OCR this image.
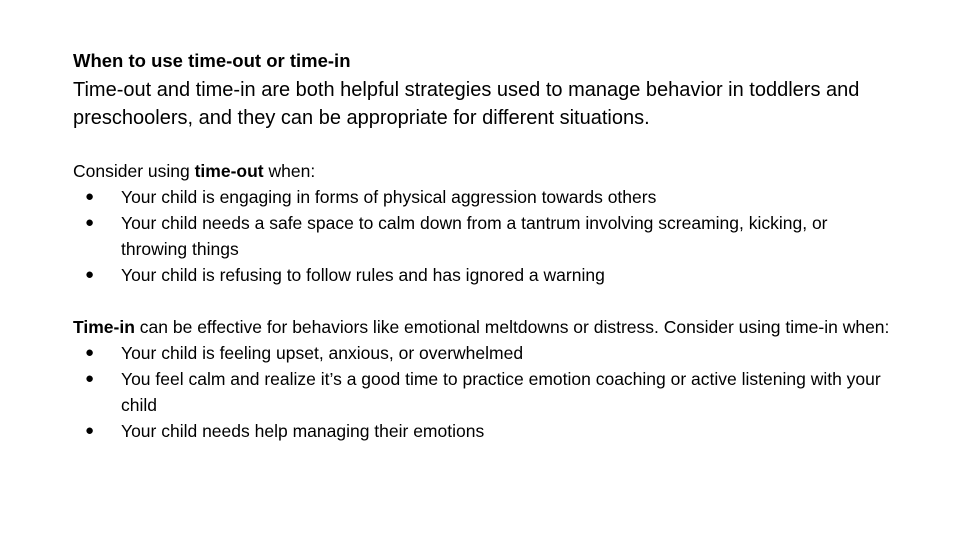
When to use time-out or time-in

Time-out and time-in are both helpful strategies used to manage behavior in toddlers and preschoolers, and they can be appropriate for different situations.

Consider using time-out when:

● Your child is engaging in forms of physical aggression towards others
● Your child needs a safe space to calm down from a tantrum involving screaming, kicking, or throwing things
● Your child is refusing to follow rules and has ignored a warning

Time-in can be effective for behaviors like emotional meltdowns or distress. Consider using time-in when:

● Your child is feeling upset, anxious, or overwhelmed
● You feel calm and realize it’s a good time to practice emotion coaching or active listening with your child
● Your child needs help managing their emotions
